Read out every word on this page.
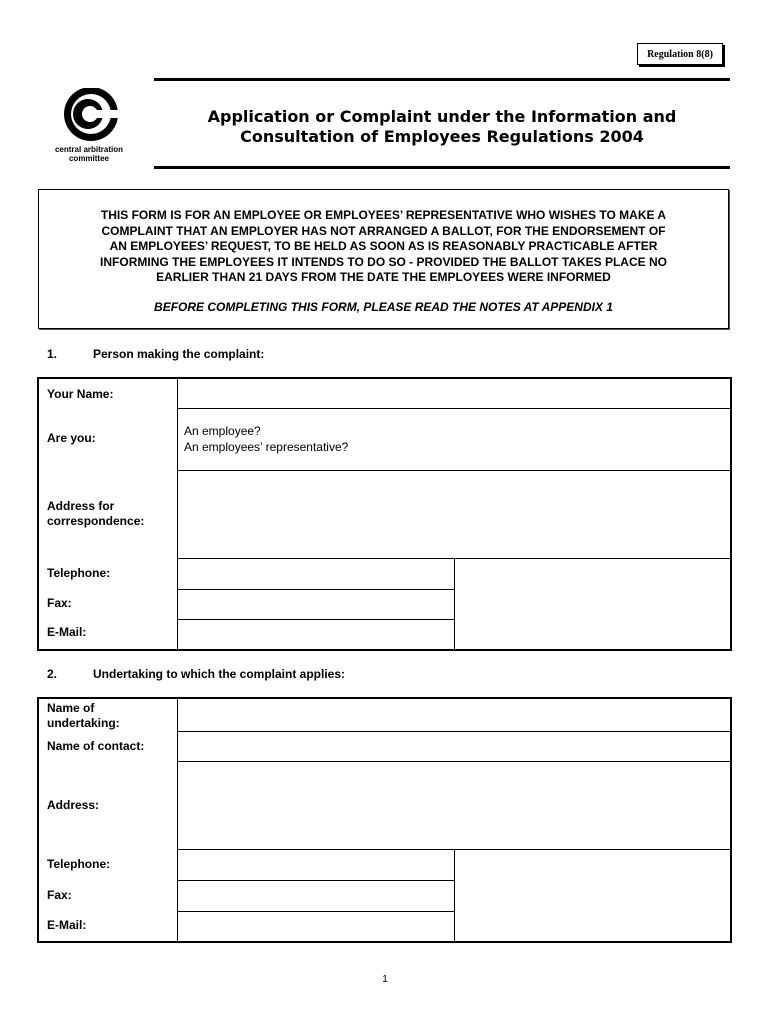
Regulation 8(8)
central arbitration
committee
Application or Complaint under the Information and
Consultation of Employees Regulations 2004
THIS FORM IS FOR AN EMPLOYEE OR EMPLOYEES’ REPRESENTATIVE WHO WISHES TO MAKE A
COMPLAINT THAT AN EMPLOYER HAS NOT ARRANGED A BALLOT, FOR THE ENDORSEMENT OF
AN EMPLOYEES’ REQUEST, TO BE HELD AS SOON AS IS REASONABLY PRACTICABLE AFTER
INFORMING THE EMPLOYEES IT INTENDS TO DO SO - PROVIDED THE BALLOT TAKES PLACE NO
EARLIER THAN 21 DAYS FROM THE DATE THE EMPLOYEES WERE INFORMED
BEFORE COMPLETING THIS FORM, PLEASE READ THE NOTES AT APPENDIX 1
1.	Person making the complaint:
Your Name:
Are you:	An employee?
An employees’ representative?
Address for
correspondence:
Telephone:
Fax:
E-Mail:
2.	Undertaking to which the complaint applies:
Name of
undertaking:
Name of contact:
Address:
Telephone:
Fax:
E-Mail:
1
